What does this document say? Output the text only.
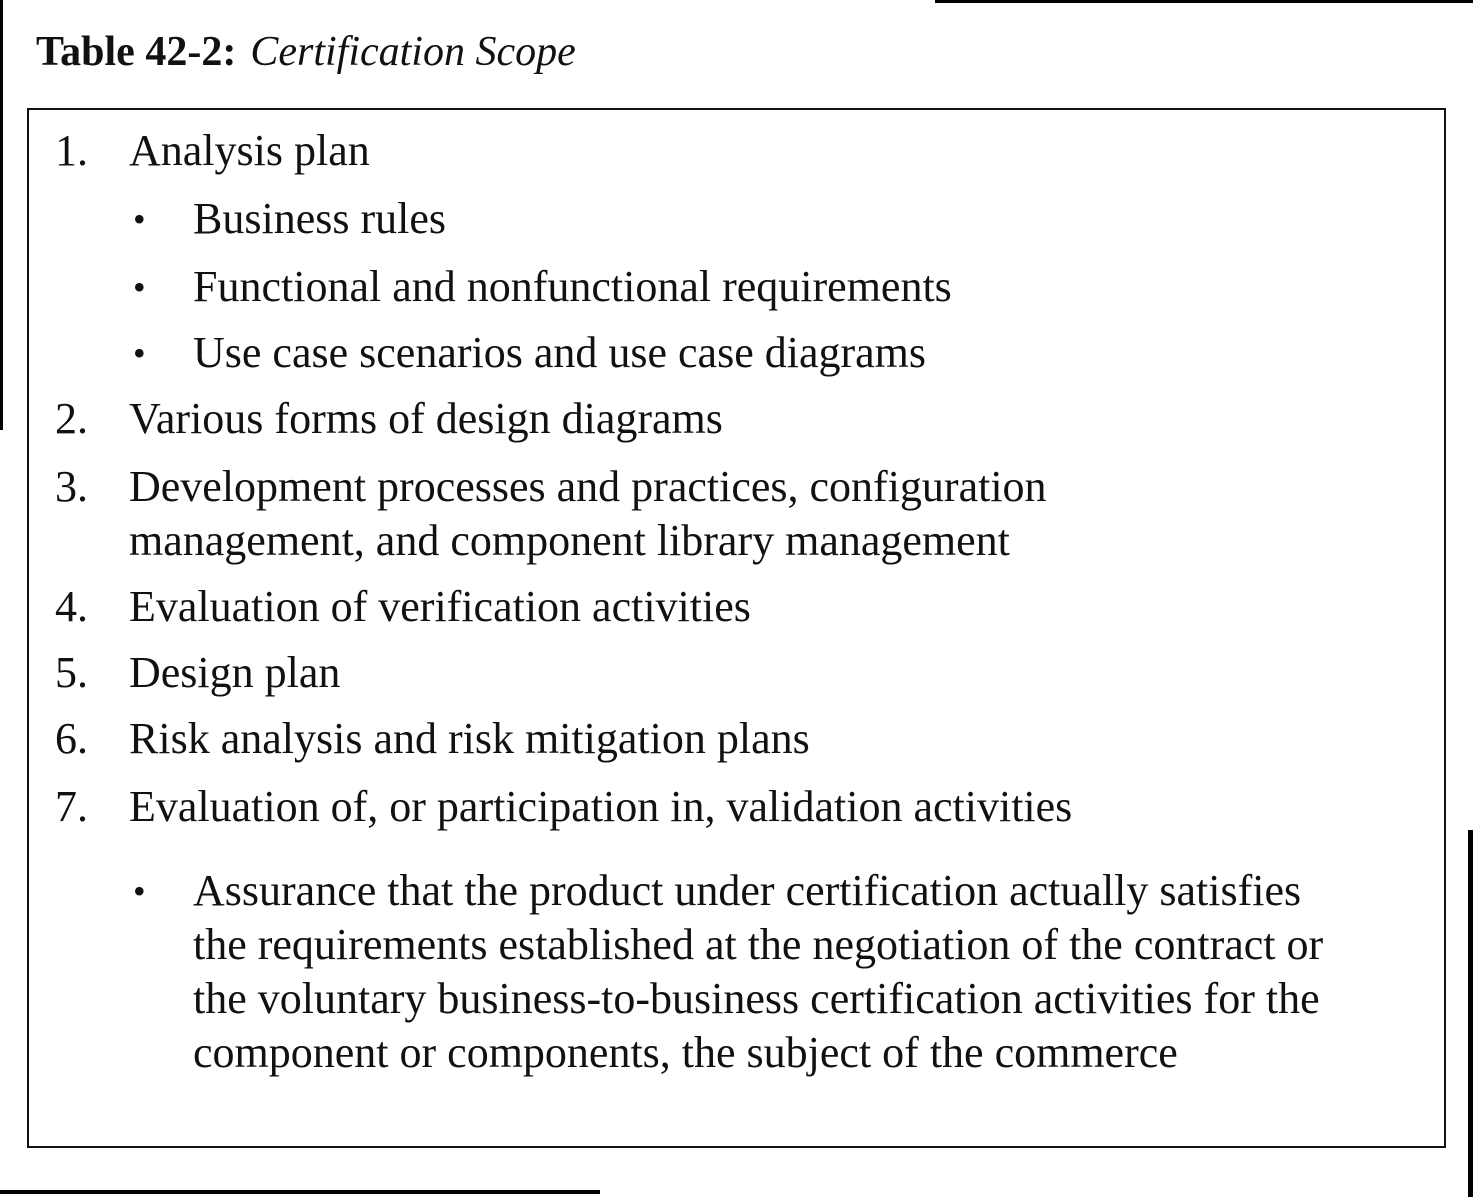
Table 42-2: Certification Scope
1. Analysis plan
• Business rules
• Functional and nonfunctional requirements
• Use case scenarios and use case diagrams
2. Various forms of design diagrams
3. Development processes and practices, configuration management, and component library management
4. Evaluation of verification activities
5. Design plan
6. Risk analysis and risk mitigation plans
7. Evaluation of, or participation in, validation activities
• Assurance that the product under certification actually satisfies the requirements established at the negotiation of the contract or the voluntary business-to-business certification activities for the component or components, the subject of the commerce
